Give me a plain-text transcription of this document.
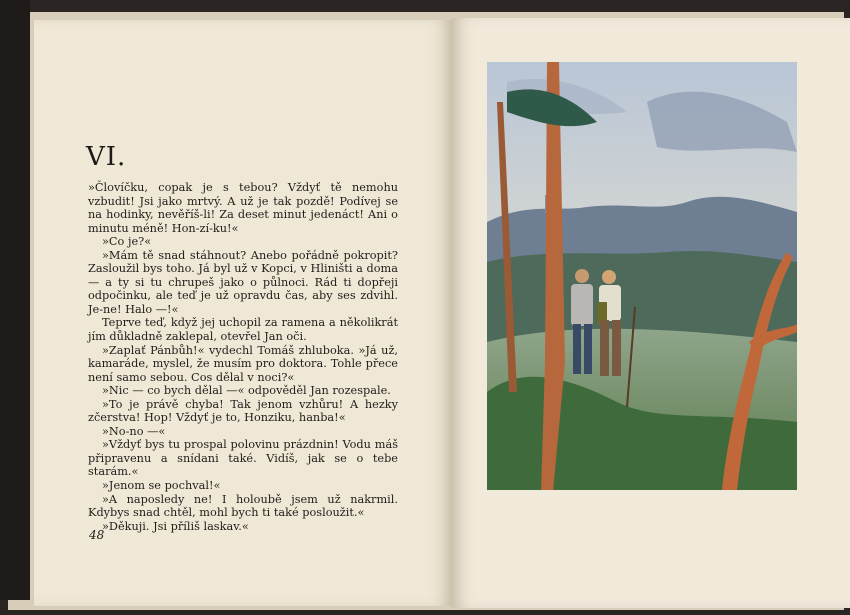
VI.

»Človíčku, copak je s tebou? Vždyť tě nemohu vzbudit! Jsi jako mrtvý. A už je tak pozdě! Podívej se na hodinky, nevěříš-li! Za deset minut jedenáct! Ani o minutu méně! Hon-zí-ku!«

»Co je?«

»Mám tě snad stáhnout? Anebo pořádně pokropit? Zasloužil bys toho. Já byl už v Kopci, v Hliništi a doma — a ty si tu chrupeš jako o půlnoci. Rád ti dopřeji odpočinku, ale teď je už opravdu čas, aby ses zdvihl. Je-ne! Halo —!«

Teprve teď, když jej uchopil za ramena a několikrát jím důkladně zaklepal, otevřel Jan oči.

»Zaplať Pánbůh!« vydechl Tomáš zhluboka. »Já už, kamaráde, myslel, že musím pro doktora. Tohle přece není samo sebou. Cos dělal v noci?«

»Nic — co bych dělal —« odpověděl Jan rozespale.

»To je právě chyba! Tak jenom vzhůru! A hezky zčerstva! Hop! Vždyť je to, Honziku, hanba!«

»No-no —«

»Vždyť bys tu prospal polovinu prázdnin! Vodu máš připravenu a snídani také. Vidíš, jak se o tebe starám.«

»Jenom se pochval!«

»A naposledy ne! I holoubě jsem už nakrmil. Kdybys snad chtěl, mohl bych ti také posloužit.«

»Děkuji. Jsi příliš laskav.«

48
